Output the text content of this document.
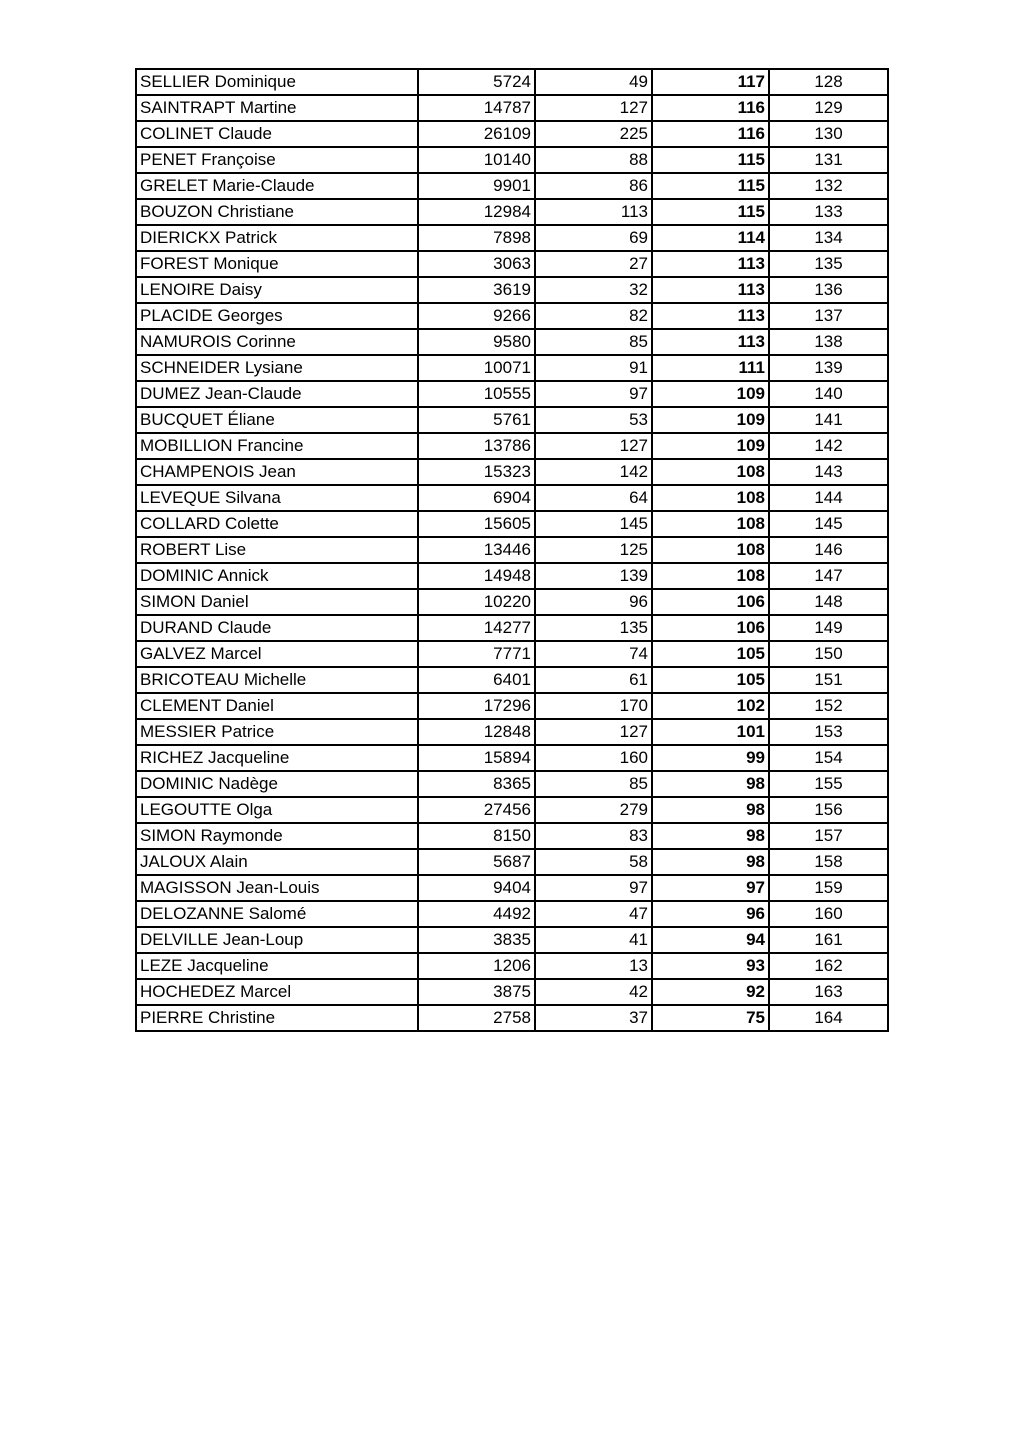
SELLIER Dominique	5724	49	117	128
SAINTRAPT Martine	14787	127	116	129
COLINET Claude	26109	225	116	130
PENET Françoise	10140	88	115	131
GRELET Marie-Claude	9901	86	115	132
BOUZON Christiane	12984	113	115	133
DIERICKX Patrick	7898	69	114	134
FOREST Monique	3063	27	113	135
LENOIRE Daisy	3619	32	113	136
PLACIDE Georges	9266	82	113	137
NAMUROIS Corinne	9580	85	113	138
SCHNEIDER Lysiane	10071	91	111	139
DUMEZ Jean-Claude	10555	97	109	140
BUCQUET Éliane	5761	53	109	141
MOBILLION Francine	13786	127	109	142
CHAMPENOIS Jean	15323	142	108	143
LEVEQUE Silvana	6904	64	108	144
COLLARD Colette	15605	145	108	145
ROBERT Lise	13446	125	108	146
DOMINIC Annick	14948	139	108	147
SIMON Daniel	10220	96	106	148
DURAND Claude	14277	135	106	149
GALVEZ Marcel	7771	74	105	150
BRICOTEAU Michelle	6401	61	105	151
CLEMENT Daniel	17296	170	102	152
MESSIER Patrice	12848	127	101	153
RICHEZ Jacqueline	15894	160	99	154
DOMINIC Nadège	8365	85	98	155
LEGOUTTE Olga	27456	279	98	156
SIMON Raymonde	8150	83	98	157
JALOUX Alain	5687	58	98	158
MAGISSON Jean-Louis	9404	97	97	159
DELOZANNE Salomé	4492	47	96	160
DELVILLE Jean-Loup	3835	41	94	161
LEZE Jacqueline	1206	13	93	162
HOCHEDEZ Marcel	3875	42	92	163
PIERRE Christine	2758	37	75	164
